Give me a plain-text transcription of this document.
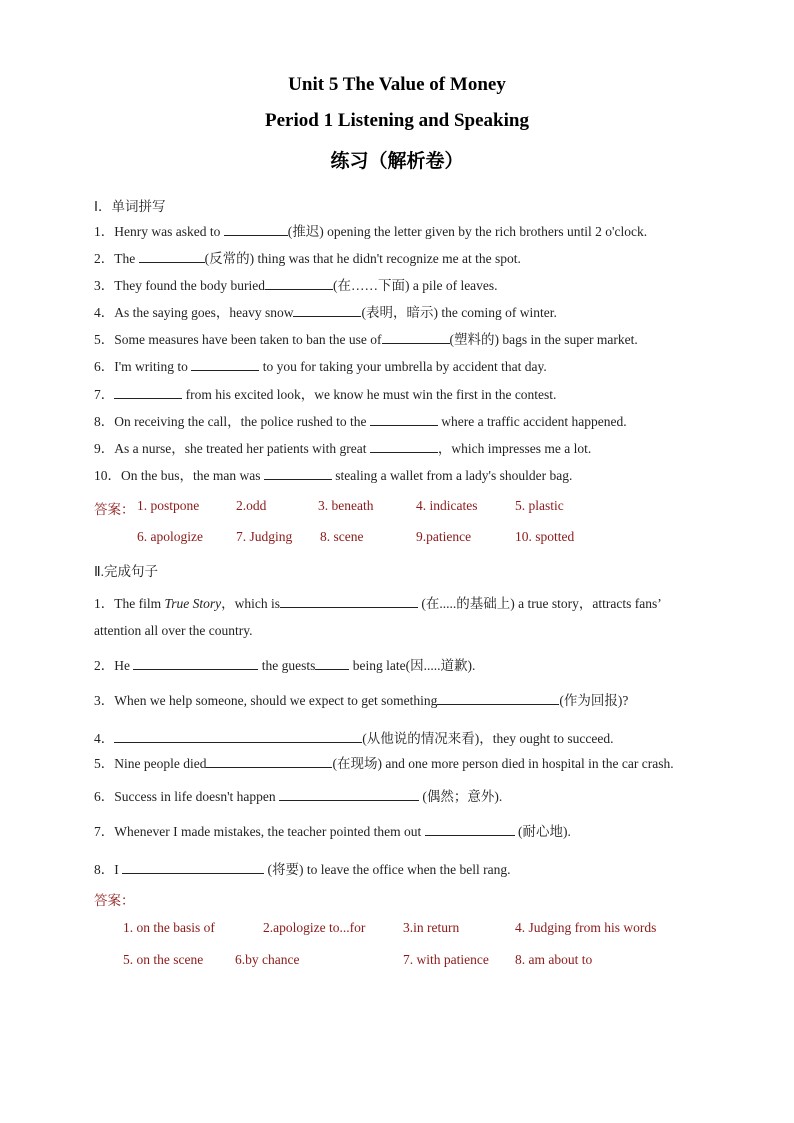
Unit 5 The Value of Money
Period 1 Listening and Speaking
练习（解析卷）
Ⅰ．单词拼写
1．Henry was asked to	(推迟) opening the letter given by the rich brothers until 2 o'clock.
2．The	(反常的) thing was that he didn't recognize me at the spot.
3．They found the body buried	(在……下面) a pile of leaves.
4．As the saying goes，heavy snow	(表明，暗示) the coming of winter.
5．Some measures have been taken to ban the use of	(塑料的) bags in the super market.
6．I'm writing to	to you for taking your umbrella by accident that day.
7．	from his excited look，we know he must win the first in the contest.
8．On receiving the call，the police rushed to the	where a traffic accident happened.
9．As a nurse，she treated her patients with great	，which impresses me a lot.
10．On the bus，the man was	stealing a wallet from a lady's shoulder bag.
答案： 1. postpone	2.odd	3. beneath	4. indicates	5. plastic
6. apologize 7. Judging 8. scene	9.patience	10. spotted
Ⅱ.完成句子
1．The film True Story，which is	(在.....的基础上) a true story，attracts fans’
attention all over the country.
2．He	the guests	being late(因.....道歉).
3．When we help someone, should we expect to get something	(作为回报)?
4．	(从他说的情况来看)，they ought to succeed.
5．Nine people died	(在现场) and one more person died in hospital in the car crash.
6．Success in life doesn't happen	(偶然；意外).
7．Whenever I made mistakes, the teacher pointed them out	(耐心地).
8．I	(将要) to leave the office when the bell rang.
答案：
1. on the basis of	2.apologize to...for	3.in return	4. Judging from his words
5. on the scene 6.by chance	7. with patience 8. am about to
